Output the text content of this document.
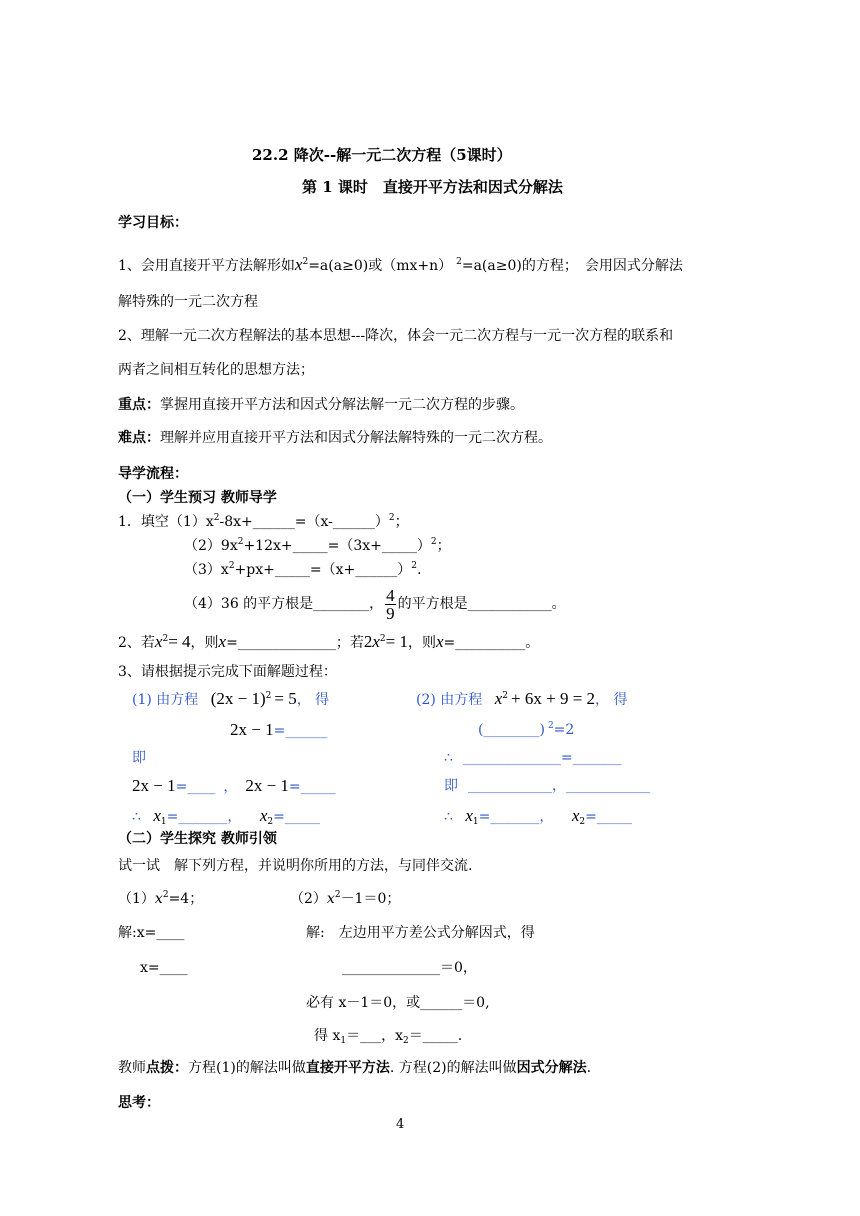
22.2 降次--解一元二次方程（5课时）
第 1 课时　直接开平方法和因式分解法
学习目标：
1、会用直接开平方法解形如$x^2=a(a\ge 0)$或（mx+n） $^2$=a(a≥0)的方程；　会用因式分解法
解特殊的一元二次方程
2、理解一元二次方程解法的基本思想---降次，体会一元二次方程与一元一次方程的联系和
两者之间相互转化的思想方法；
重点：掌握用直接开平方法和因式分解法解一元二次方程的步骤。
难点：理解并应用直接开平方法和因式分解法解特殊的一元二次方程。
导学流程：
（一）学生预习 教师导学
1．填空$(1)x^2-8x+\_\_\_\_\_\_=(x-\_\_\_\_\_\_)^2$；
$(2)9x^2+12x+\_\_\_\_\_=(3x+\_\_\_\_\_)^2$；
$(3)x^2+px+\_\_\_\_\_=(x+\_\_\_\_\_\_)^2$.
（4）36 的平方根是________， $\frac{4}{9}$ 的平方根是____________。
2、若$x^2= 4$，则x=______________；若$2x^2= 1$，则x=__________。
3、请根据提示完成下面解题过程：
(1) 由方程 $(2x - 1)^2 = 5$， 得
2x − 1=______
即
2x − 1=____ ， 2x − 1=_____
∴ $x_1=\_\_\_\_\_\_\_$， $x_2=\_\_\_\_\_$
(2) 由方程 $x^2 + 6x + 9 = 2$， 得
(________) $^2$=2
∴ ______________=_______
即 ____________，____________
∴ $x_1=\_\_\_\_\_\_\_$， $x_2=\_\_\_\_\_$
（二）学生探究 教师引领
试一试　解下列方程，并说明你所用的方法，与同伴交流.
$(1)x^2=4$；	$(2)x^2-1=0$；
解:x=____
x=____
解:　左边用平方差公式分解因式，得
______________＝0，
必有 x－1＝0，或______＝0,
得 $x_1=\_\_\_$，$x_2=\_\_\_\_\_$.
教师点拨：方程(1)的解法叫做直接开平方法. 方程(2)的解法叫做因式分解法.
思考：
4
